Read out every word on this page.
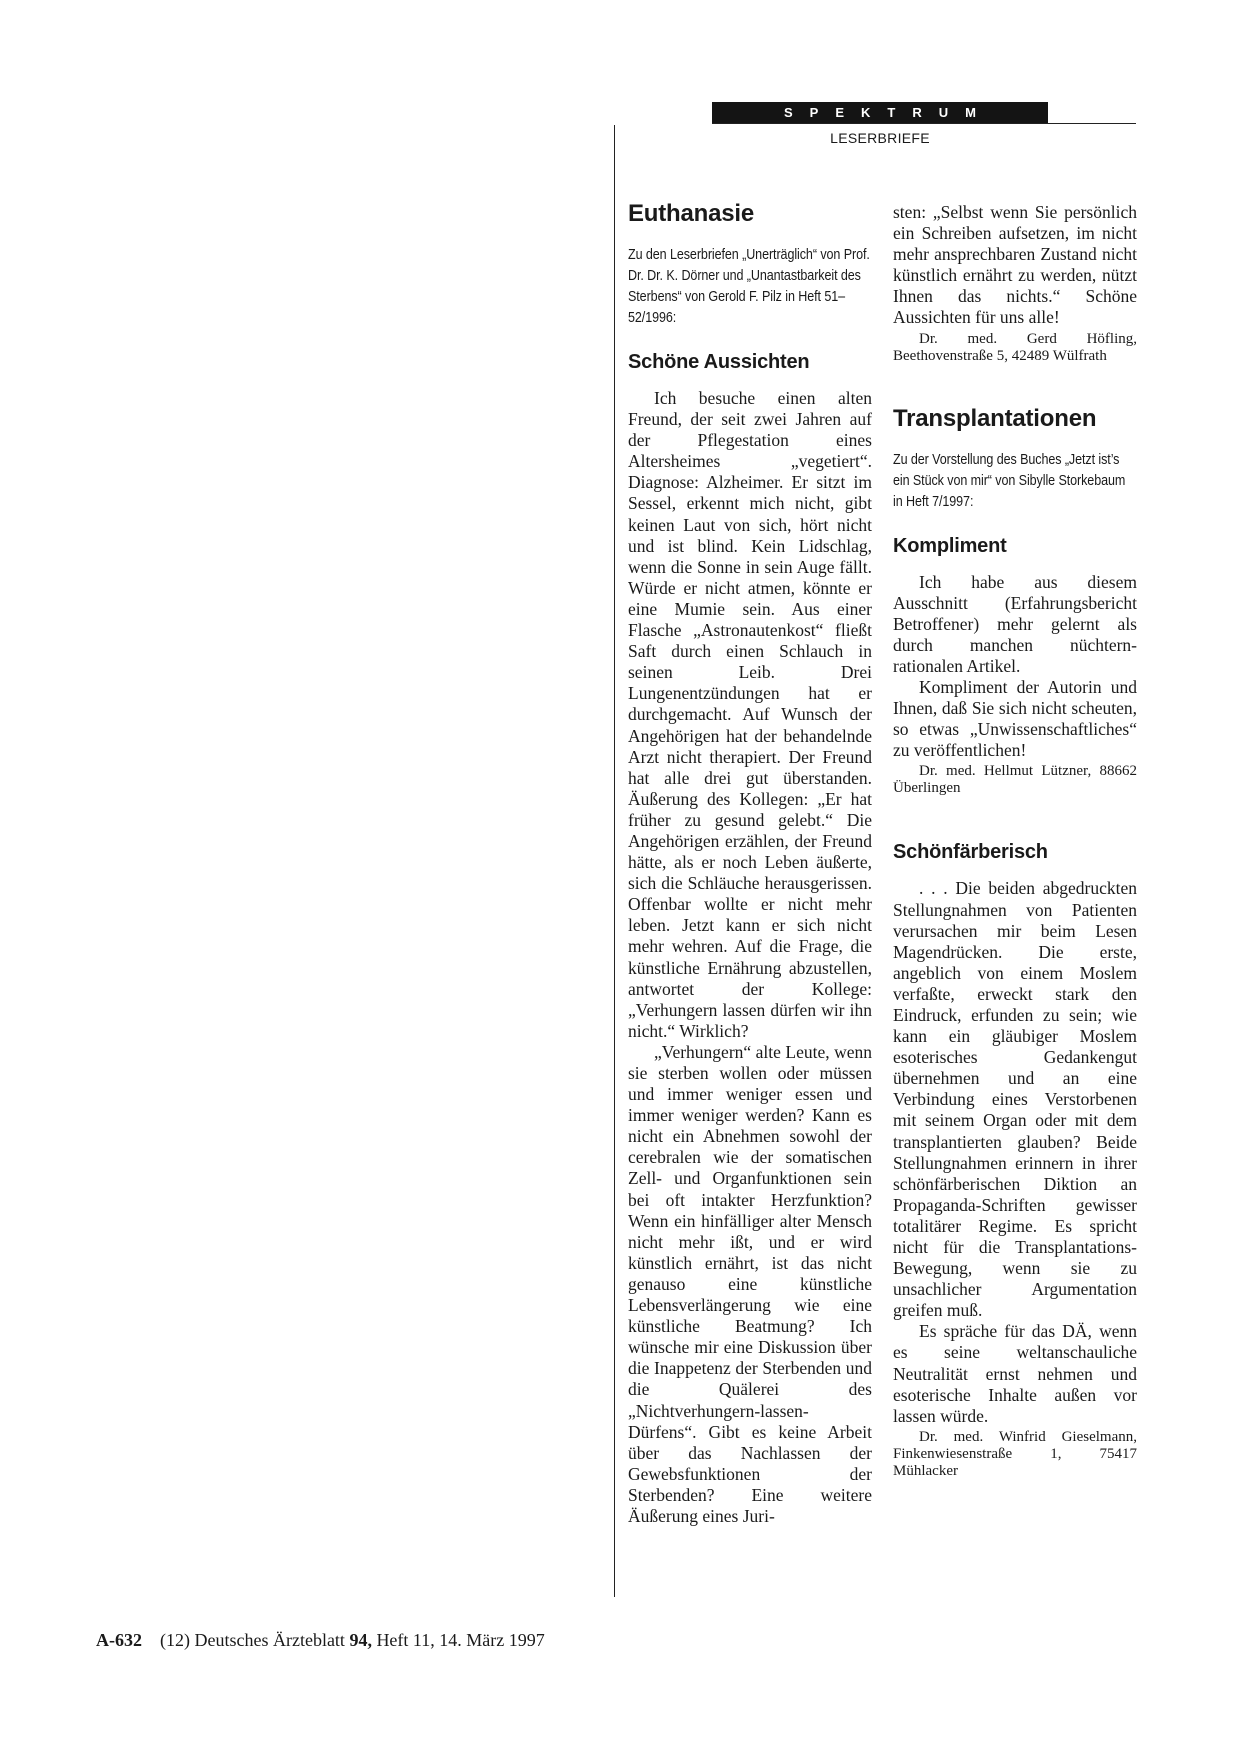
SPEKTRUM
LESERBRIEFE
Euthanasie

Zu den Leserbriefen „Unerträglich“ von Prof. Dr. Dr. K. Dörner und „Unantastbarkeit des Sterbens“ von Gerold F. Pilz in Heft 51–52/1996:

Schöne Aussichten

Ich besuche einen alten Freund, der seit zwei Jahren auf der Pflegestation eines Altersheimes „vegetiert“. Diagnose: Alzheimer. Er sitzt im Sessel, erkennt mich nicht, gibt keinen Laut von sich, hört nicht und ist blind. Kein Lidschlag, wenn die Sonne in sein Auge fällt. Würde er nicht atmen, könnte er eine Mumie sein. Aus einer Flasche „Astronautenkost“ fließt Saft durch einen Schlauch in seinen Leib. Drei Lungenentzündungen hat er durchgemacht. Auf Wunsch der Angehörigen hat der behandelnde Arzt nicht therapiert. Der Freund hat alle drei gut überstanden. Äußerung des Kollegen: „Er hat früher zu gesund gelebt.“ Die Angehörigen erzählen, der Freund hätte, als er noch Leben äußerte, sich die Schläuche herausgerissen. Offenbar wollte er nicht mehr leben. Jetzt kann er sich nicht mehr wehren. Auf die Frage, die künstliche Ernährung abzustellen, antwortet der Kollege: „Verhungern lassen dürfen wir ihn nicht.“ Wirklich?

„Verhungern“ alte Leute, wenn sie sterben wollen oder müssen und immer weniger essen und immer weniger werden? Kann es nicht ein Abnehmen sowohl der cerebralen wie der somatischen Zell- und Organfunktionen sein bei oft intakter Herzfunktion? Wenn ein hinfälliger alter Mensch nicht mehr ißt, und er wird künstlich ernährt, ist das nicht genauso eine künstliche Lebensverlängerung wie eine künstliche Beatmung? Ich wünsche mir eine Diskussion über die Inappetenz der Sterbenden und die Quälerei des „Nichtverhungern-lassen-Dürfens“. Gibt es keine Arbeit über das Nachlassen der Gewebsfunktionen der Sterbenden? Eine weitere Äußerung eines Juri-

sten: „Selbst wenn Sie persönlich ein Schreiben aufsetzen, im nicht mehr ansprechbaren Zustand nicht künstlich ernährt zu werden, nützt Ihnen das nichts.“ Schöne Aussichten für uns alle!

Dr. med. Gerd Höfling, Beethovenstraße 5, 42489 Wülfrath

Transplantationen

Zu der Vorstellung des Buches „Jetzt ist’s ein Stück von mir“ von Sibylle Storkebaum in Heft 7/1997:

Kompliment

Ich habe aus diesem Ausschnitt (Erfahrungsbericht Betroffener) mehr gelernt als durch manchen nüchtern-rationalen Artikel.

Kompliment der Autorin und Ihnen, daß Sie sich nicht scheuten, so etwas „Unwissenschaftliches“ zu veröffentlichen!

Dr. med. Hellmut Lützner, 88662 Überlingen

Schönfärberisch

. . . Die beiden abgedruckten Stellungnahmen von Patienten verursachen mir beim Lesen Magendrücken. Die erste, angeblich von einem Moslem verfaßte, erweckt stark den Eindruck, erfunden zu sein; wie kann ein gläubiger Moslem esoterisches Gedankengut übernehmen und an eine Verbindung eines Verstorbenen mit seinem Organ oder mit dem transplantierten glauben? Beide Stellungnahmen erinnern in ihrer schönfärberischen Diktion an Propaganda-Schriften gewisser totalitärer Regime. Es spricht nicht für die Transplantations-Bewegung, wenn sie zu unsachlicher Argumentation greifen muß.

Es spräche für das DÄ, wenn es seine weltanschauliche Neutralität ernst nehmen und esoterische Inhalte außen vor lassen würde.

Dr. med. Winfrid Gieselmann, Finkenwiesenstraße 1, 75417 Mühlacker

A-632 (12) Deutsches Ärzteblatt 94, Heft 11, 14. März 1997
